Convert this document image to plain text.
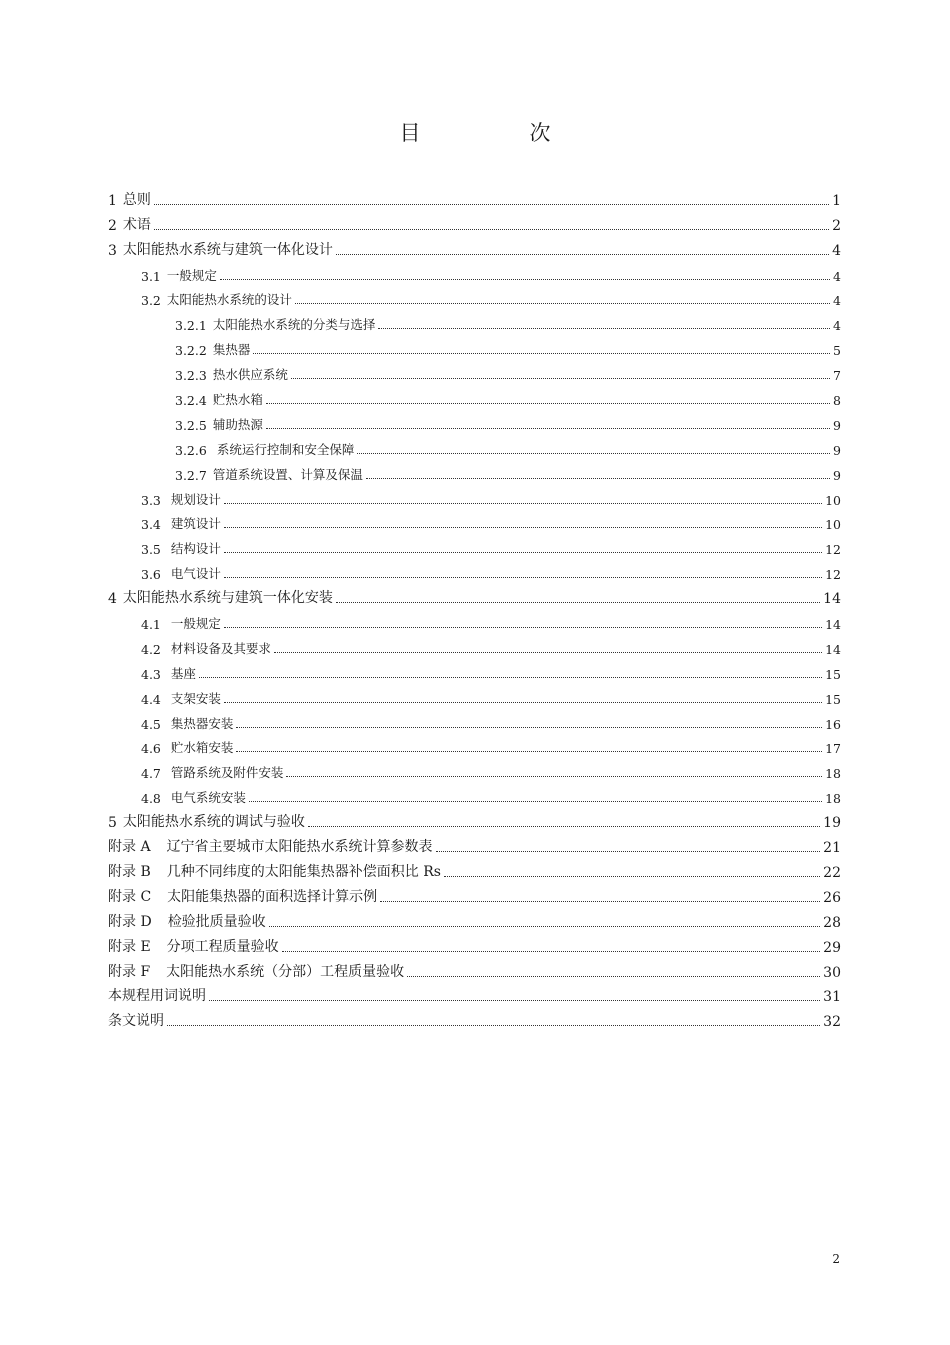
目　次
1 总则	1
2 术语	2
3 太阳能热水系统与建筑一体化设计	4
3.1 一般规定	4
3.2 太阳能热水系统的设计	4
3.2.1 太阳能热水系统的分类与选择	4
3.2.2 集热器	5
3.2.3 热水供应系统	7
3.2.4 贮热水箱	8
3.2.5 辅助热源	9
3.2.6 系统运行控制和安全保障	9
3.2.7 管道系统设置、计算及保温	9
3.3 规划设计	10
3.4 建筑设计	10
3.5 结构设计	12
3.6 电气设计	12
4 太阳能热水系统与建筑一体化安装	14
4.1 一般规定	14
4.2 材料设备及其要求	14
4.3 基座	15
4.4 支架安装	15
4.5 集热器安装	16
4.6 贮水箱安装	17
4.7 管路系统及附件安装	18
4.8 电气系统安装	18
5 太阳能热水系统的调试与验收	19
附录 A	辽宁省主要城市太阳能热水系统计算参数表	21
附录 B	几种不同纬度的太阳能集热器补偿面积比 Rs	22
附录 C	太阳能集热器的面积选择计算示例	26
附录 D	检验批质量验收	28
附录 E	分项工程质量验收	29
附录 F	太阳能热水系统（分部）工程质量验收	30
本规程用词说明	31
条文说明	32
2
